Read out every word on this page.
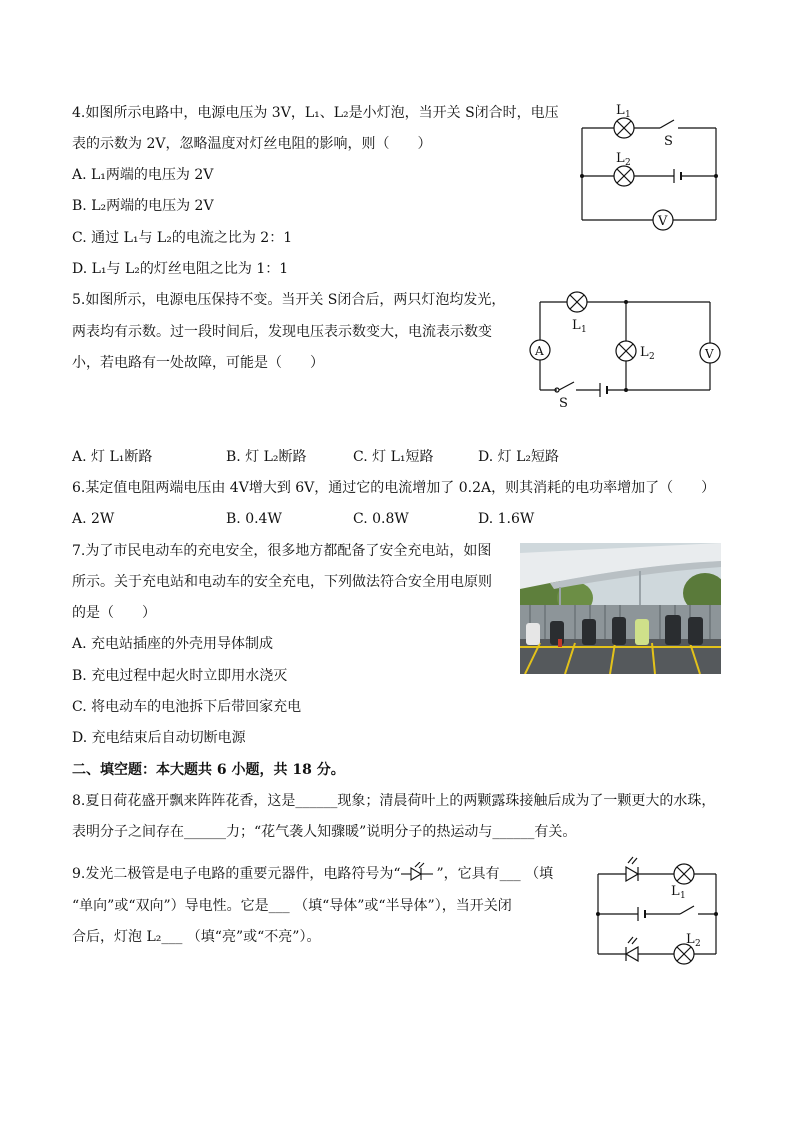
4.如图所示电路中，电源电压为 3V，L₁、L₂是小灯泡，当开关 S闭合时，电压
表的示数为 2V，忽略温度对灯丝电阻的影响，则（　　）
A. L₁两端的电压为 2V
B. L₂两端的电压为 2V
C. 通过 L₁与 L₂的电流之比为 2：1
D. L₁与 L₂的灯丝电阻之比为 1：1
L 1
L 2
S
V
5.如图所示，电源电压保持不变。当开关 S闭合后，两只灯泡均发光，
两表均有示数。过一段时间后，发现电压表示数变大，电流表示数变
小，若电路有一处故障，可能是（　　）
L 1
L 2
A	V
S
A. 灯 L₁断路	B. 灯 L₂断路	C. 灯 L₁短路	D. 灯 L₂短路
6.某定值电阻两端电压由 4V增大到 6V，通过它的电流增加了 0.2A，则其消耗的电功率增加了（　　）
A. 2W	B. 0.4W	C. 0.8W	D. 1.6W
7.为了市民电动车的充电安全，很多地方都配备了安全充电站，如图
所示。关于充电站和电动车的安全充电，下列做法符合安全用电原则
的是（　　）
A. 充电站插座的外壳用导体制成
B. 充电过程中起火时立即用水浇灭
C. 将电动车的电池拆下后带回家充电
D. 充电结束后自动切断电源
二、填空题：本大题共 6 小题，共 18 分。
8.夏日荷花盛开飘来阵阵花香，这是______现象；清晨荷叶上的两颗露珠接触后成为了一颗更大的水珠，
表明分子之间存在______力；“花气袭人知骤暖”说明分子的热运动与______有关。
9.发光二极管是电子电路的重要元器件，电路符号为“	”，它具有___ （填
“单向”或“双向”）导电性。它是___ （填“导体”或“半导体”），当开关闭
合后，灯泡 L₂___ （填“亮”或“不亮”）。
L 1
L 2
